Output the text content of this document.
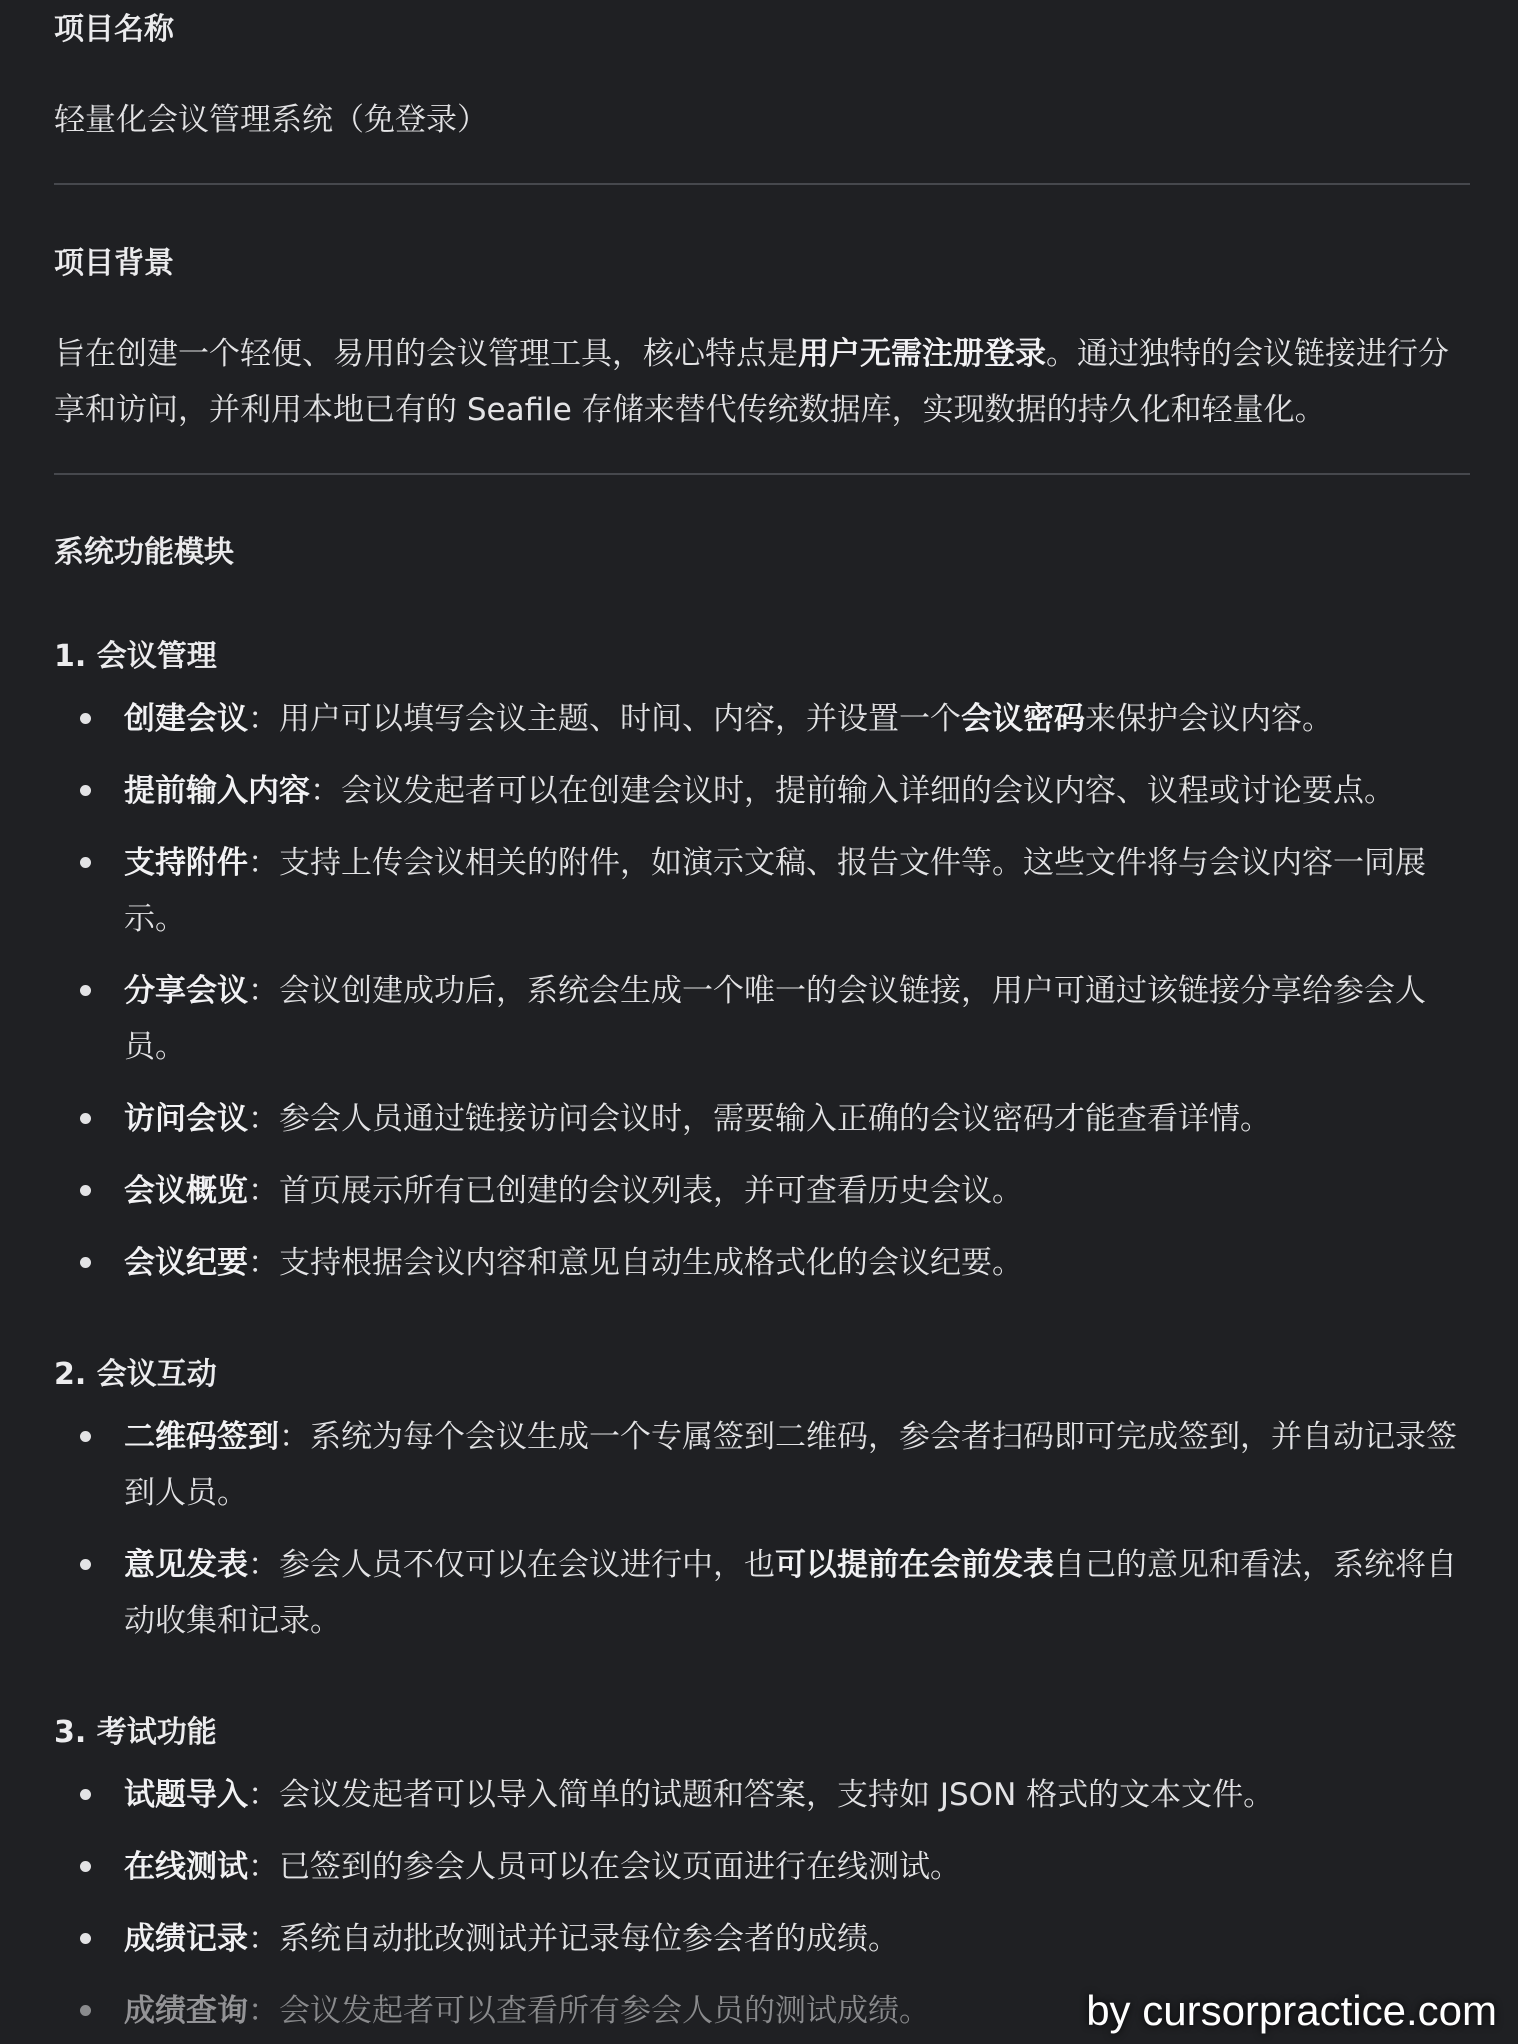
项目名称
轻量化会议管理系统（免登录）
项目背景
旨在创建一个轻便、易用的会议管理工具，核心特点是用户无需注册登录。通过独特的会议链接进行分享和访问，并利用本地已有的 Seafile 存储来替代传统数据库，实现数据的持久化和轻量化。
系统功能模块
1. 会议管理
创建会议：用户可以填写会议主题、时间、内容，并设置一个会议密码来保护会议内容。
提前输入内容：会议发起者可以在创建会议时，提前输入详细的会议内容、议程或讨论要点。
支持附件：支持上传会议相关的附件，如演示文稿、报告文件等。这些文件将与会议内容一同展示。
分享会议：会议创建成功后，系统会生成一个唯一的会议链接，用户可通过该链接分享给参会人员。
访问会议：参会人员通过链接访问会议时，需要输入正确的会议密码才能查看详情。
会议概览：首页展示所有已创建的会议列表，并可查看历史会议。
会议纪要：支持根据会议内容和意见自动生成格式化的会议纪要。
2. 会议互动
二维码签到：系统为每个会议生成一个专属签到二维码，参会者扫码即可完成签到，并自动记录签到人员。
意见发表：参会人员不仅可以在会议进行中，也可以提前在会前发表自己的意见和看法，系统将自动收集和记录。
3. 考试功能
试题导入：会议发起者可以导入简单的试题和答案，支持如 JSON 格式的文本文件。
在线测试：已签到的参会人员可以在会议页面进行在线测试。
成绩记录：系统自动批改测试并记录每位参会者的成绩。
成绩查询：会议发起者可以查看所有参会人员的测试成绩。	by cursorpractice.com
